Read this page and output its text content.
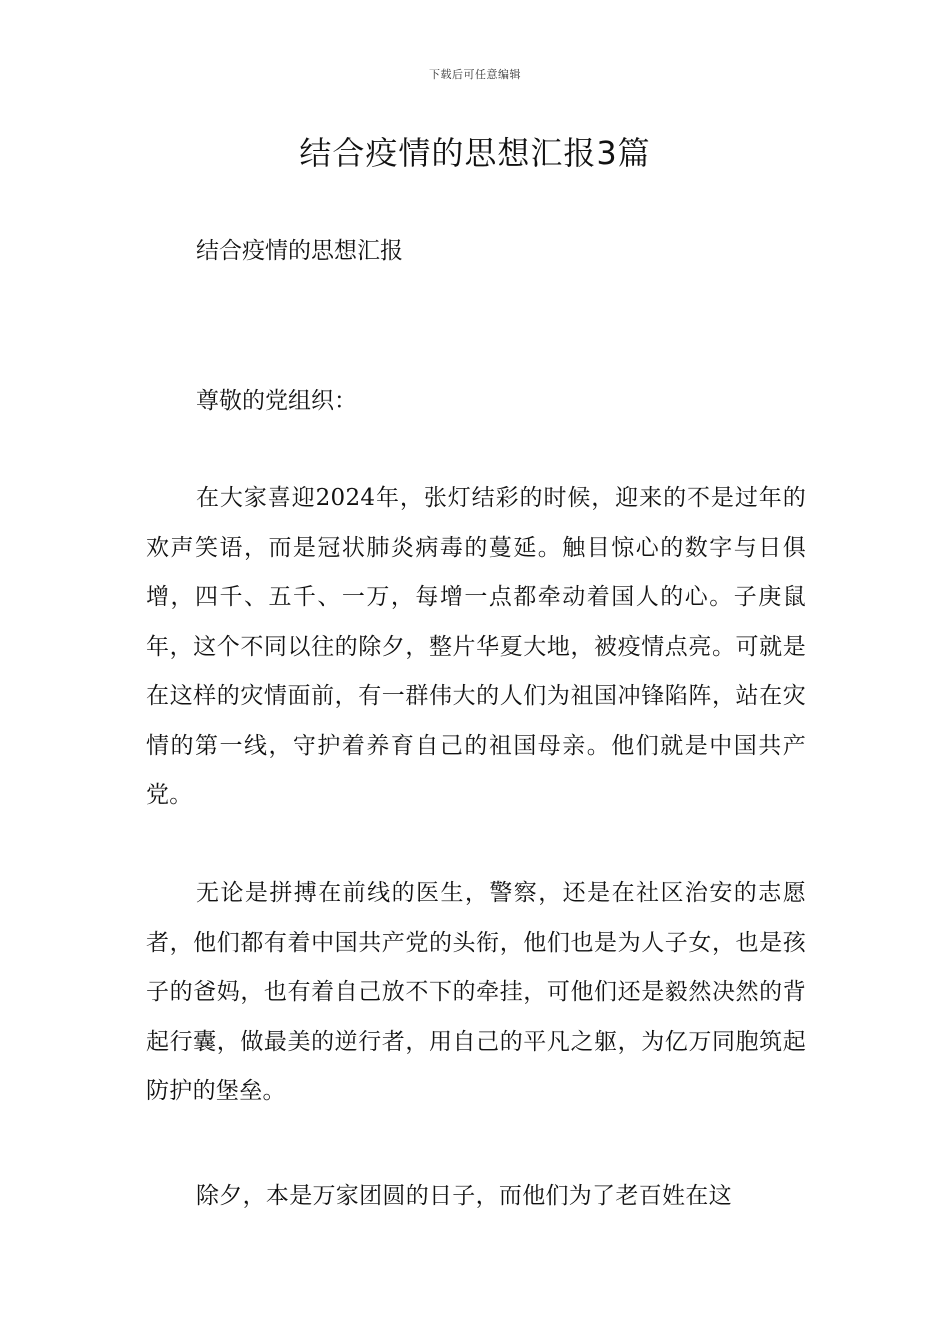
下载后可任意编辑
结合疫情的思想汇报3篇

结合疫情的思想汇报

尊敬的党组织：

在大家喜迎2024年，张灯结彩的时候，迎来的不是过年的欢声笑语，而是冠状肺炎病毒的蔓延。触目惊心的数字与日俱增，四千、五千、一万，每增一点都牵动着国人的心。子庚鼠年，这个不同以往的除夕，整片华夏大地，被疫情点亮。可就是在这样的灾情面前，有一群伟大的人们为祖国冲锋陷阵，站在灾情的第一线，守护着养育自己的祖国母亲。他们就是中国共产党。

无论是拼搏在前线的医生，警察，还是在社区治安的志愿者，他们都有着中国共产党的头衔，他们也是为人子女，也是孩子的爸妈，也有着自己放不下的牵挂，可他们还是毅然决然的背起行囊，做最美的逆行者，用自己的平凡之躯，为亿万同胞筑起防护的堡垒。

除夕，本是万家团圆的日子，而他们为了老百姓在这
